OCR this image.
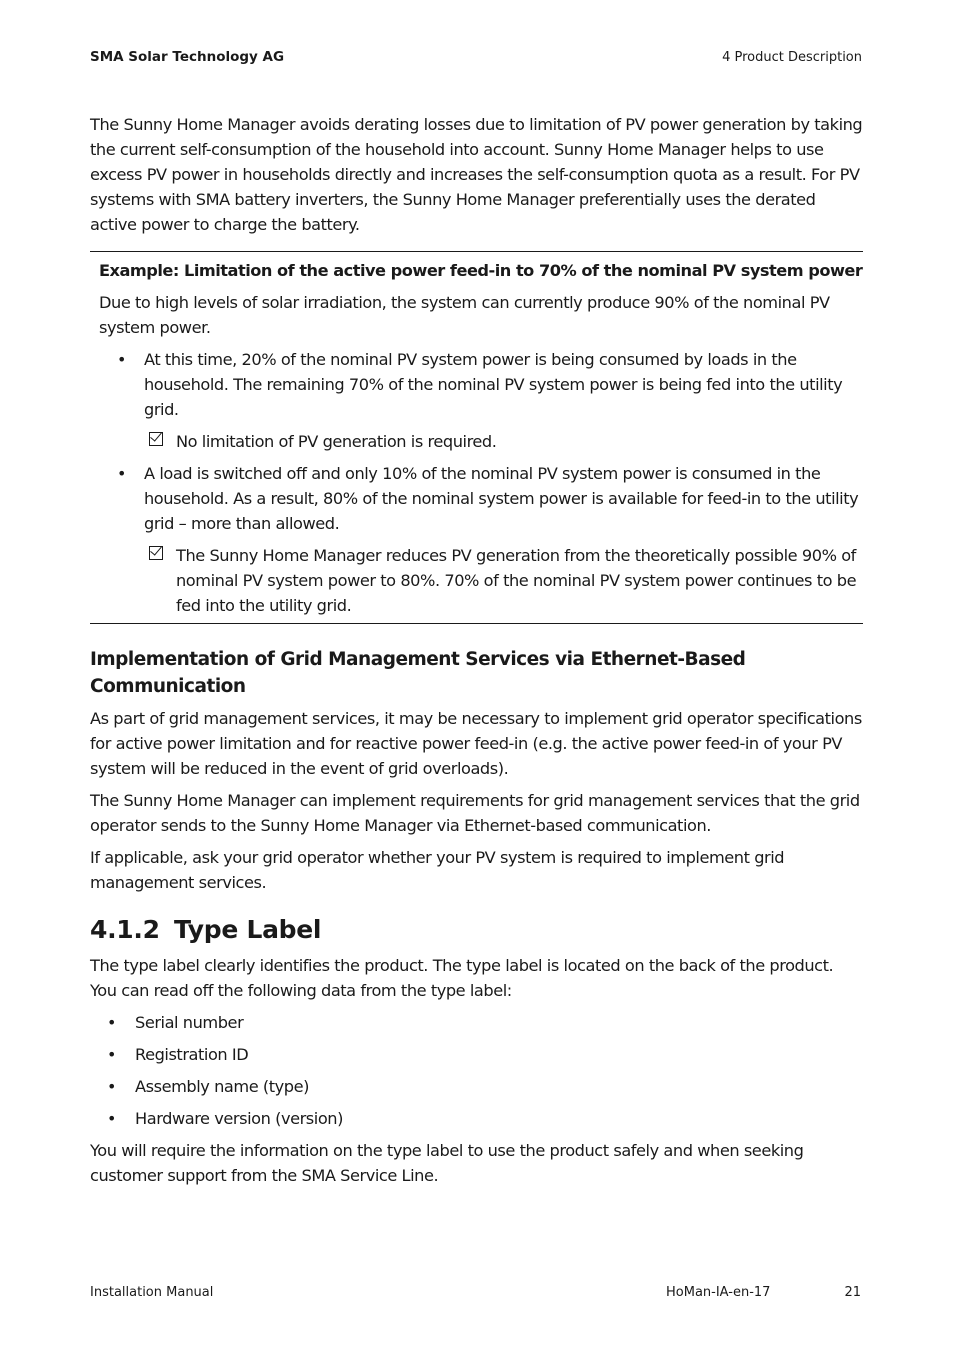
SMA Solar Technology AG	4 Product Description

The Sunny Home Manager avoids derating losses due to limitation of PV power generation by taking the current self-consumption of the household into account. Sunny Home Manager helps to use excess PV power in households directly and increases the self-consumption quota as a result. For PV systems with SMA battery inverters, the Sunny Home Manager preferentially uses the derated active power to charge the battery.

Example: Limitation of the active power feed-in to 70% of the nominal PV system power

Due to high levels of solar irradiation, the system can currently produce 90% of the nominal PV system power.

• At this time, 20% of the nominal PV system power is being consumed by loads in the household. The remaining 70% of the nominal PV system power is being fed into the utility grid.

No limitation of PV generation is required.

• A load is switched off and only 10% of the nominal PV system power is consumed in the household. As a result, 80% of the nominal system power is available for feed-in to the utility grid – more than allowed.

The Sunny Home Manager reduces PV generation from the theoretically possible 90% of nominal PV system power to 80%. 70% of the nominal PV system power continues to be fed into the utility grid.

Implementation of Grid Management Services via Ethernet-Based
Communication

As part of grid management services, it may be necessary to implement grid operator specifications for active power limitation and for reactive power feed-in (e.g. the active power feed-in of your PV system will be reduced in the event of grid overloads).

The Sunny Home Manager can implement requirements for grid management services that the grid operator sends to the Sunny Home Manager via Ethernet-based communication.

If applicable, ask your grid operator whether your PV system is required to implement grid management services.

4.1.2 Type Label

The type label clearly identifies the product. The type label is located on the back of the product. You can read off the following data from the type label:

• Serial number

• Registration ID

• Assembly name (type)

• Hardware version (version)

You will require the information on the type label to use the product safely and when seeking customer support from the SMA Service Line.

Installation Manual	HoMan-IA-en-17	21
